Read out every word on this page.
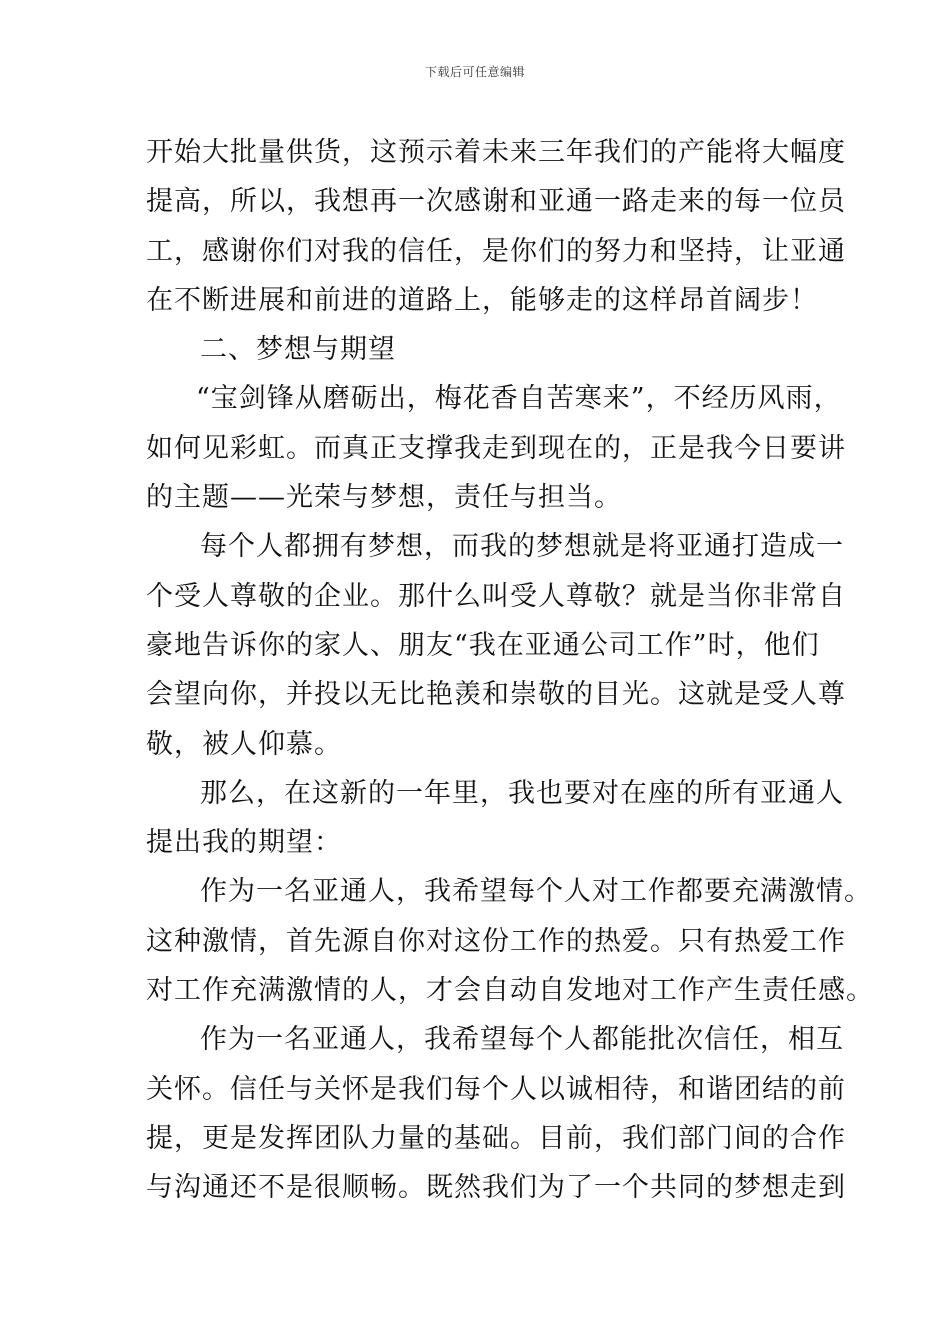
下载后可任意编辑
开始大批量供货，这预示着未来三年我们的产能将大幅度
提高，所以，我想再一次感谢和亚通一路走来的每一位员
工，感谢你们对我的信任，是你们的努力和坚持，让亚通
在不断进展和前进的道路上，能够走的这样昂首阔步！
二、梦想与期望
“宝剑锋从磨砺出，梅花香自苦寒来”，不经历风雨，
如何见彩虹。而真正支撑我走到现在的，正是我今日要讲
的主题——光荣与梦想，责任与担当。
每个人都拥有梦想，而我的梦想就是将亚通打造成一
个受人尊敬的企业。那什么叫受人尊敬？就是当你非常自
豪地告诉你的家人、朋友“我在亚通公司工作”时，他们
会望向你，并投以无比艳羡和崇敬的目光。这就是受人尊
敬，被人仰慕。
那么，在这新的一年里，我也要对在座的所有亚通人
提出我的期望：
作为一名亚通人，我希望每个人对工作都要充满激情。
这种激情，首先源自你对这份工作的热爱。只有热爱工作
对工作充满激情的人，才会自动自发地对工作产生责任感。
作为一名亚通人，我希望每个人都能批次信任，相互
关怀。信任与关怀是我们每个人以诚相待，和谐团结的前
提，更是发挥团队力量的基础。目前，我们部门间的合作
与沟通还不是很顺畅。既然我们为了一个共同的梦想走到
